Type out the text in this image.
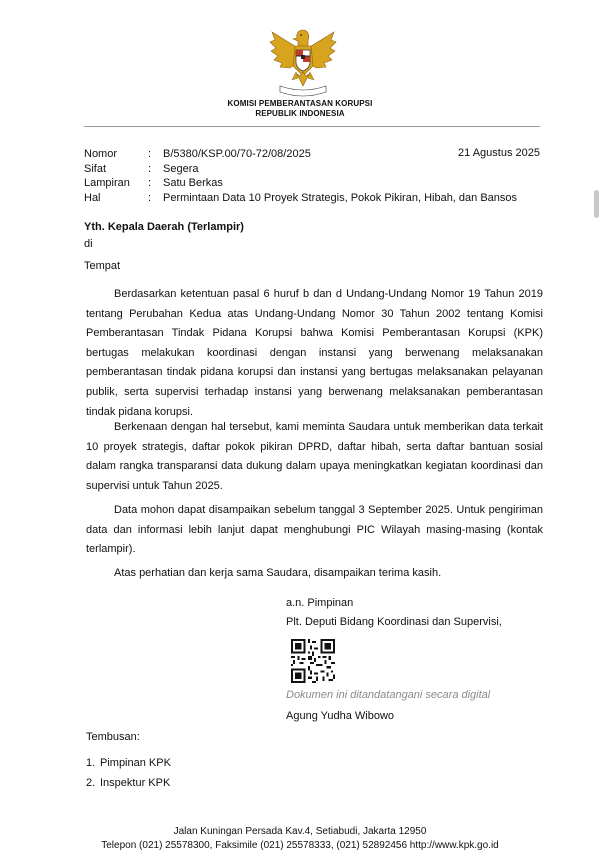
KOMISI PEMBERANTASAN KORUPSI
REPUBLIK INDONESIA
Nomor	:	B/5380/KSP.00/70-72/08/2025
Sifat	:	Segera
Lampiran	:	Satu Berkas
Hal	:	Permintaan Data 10 Proyek Strategis, Pokok Pikiran, Hibah, dan Bansos
21 Agustus 2025
Yth. Kepala Daerah (Terlampir)
di
Tempat

Berdasarkan ketentuan pasal 6 huruf b dan d Undang-Undang Nomor 19 Tahun 2019 tentang Perubahan Kedua atas Undang-Undang Nomor 30 Tahun 2002 tentang Komisi Pemberantasan Tindak Pidana Korupsi bahwa Komisi Pemberantasan Korupsi (KPK) bertugas melakukan koordinasi dengan instansi yang berwenang melaksanakan pemberantasan tindak pidana korupsi dan instansi yang bertugas melaksanakan pelayanan publik, serta supervisi terhadap instansi yang berwenang melaksanakan pemberantasan tindak pidana korupsi.

Berkenaan dengan hal tersebut, kami meminta Saudara untuk memberikan data terkait 10 proyek strategis, daftar pokok pikiran DPRD, daftar hibah, serta daftar bantuan sosial dalam rangka transparansi data dukung dalam upaya meningkatkan kegiatan koordinasi dan supervisi untuk Tahun 2025.

Data mohon dapat disampaikan sebelum tanggal 3 September 2025. Untuk pengiriman data dan informasi lebih lanjut dapat menghubungi PIC Wilayah masing-masing (kontak terlampir).

Atas perhatian dan kerja sama Saudara, disampaikan terima kasih.

a.n. Pimpinan
Plt. Deputi Bidang Koordinasi dan Supervisi,
Dokumen ini ditandatangani secara digital
Agung Yudha Wibowo
Tembusan:
1. Pimpinan KPK
2. Inspektur KPK
Jalan Kuningan Persada Kav.4, Setiabudi, Jakarta 12950
Telepon (021) 25578300, Faksimile (021) 25578333, (021) 52892456 http://www.kpk.go.id
